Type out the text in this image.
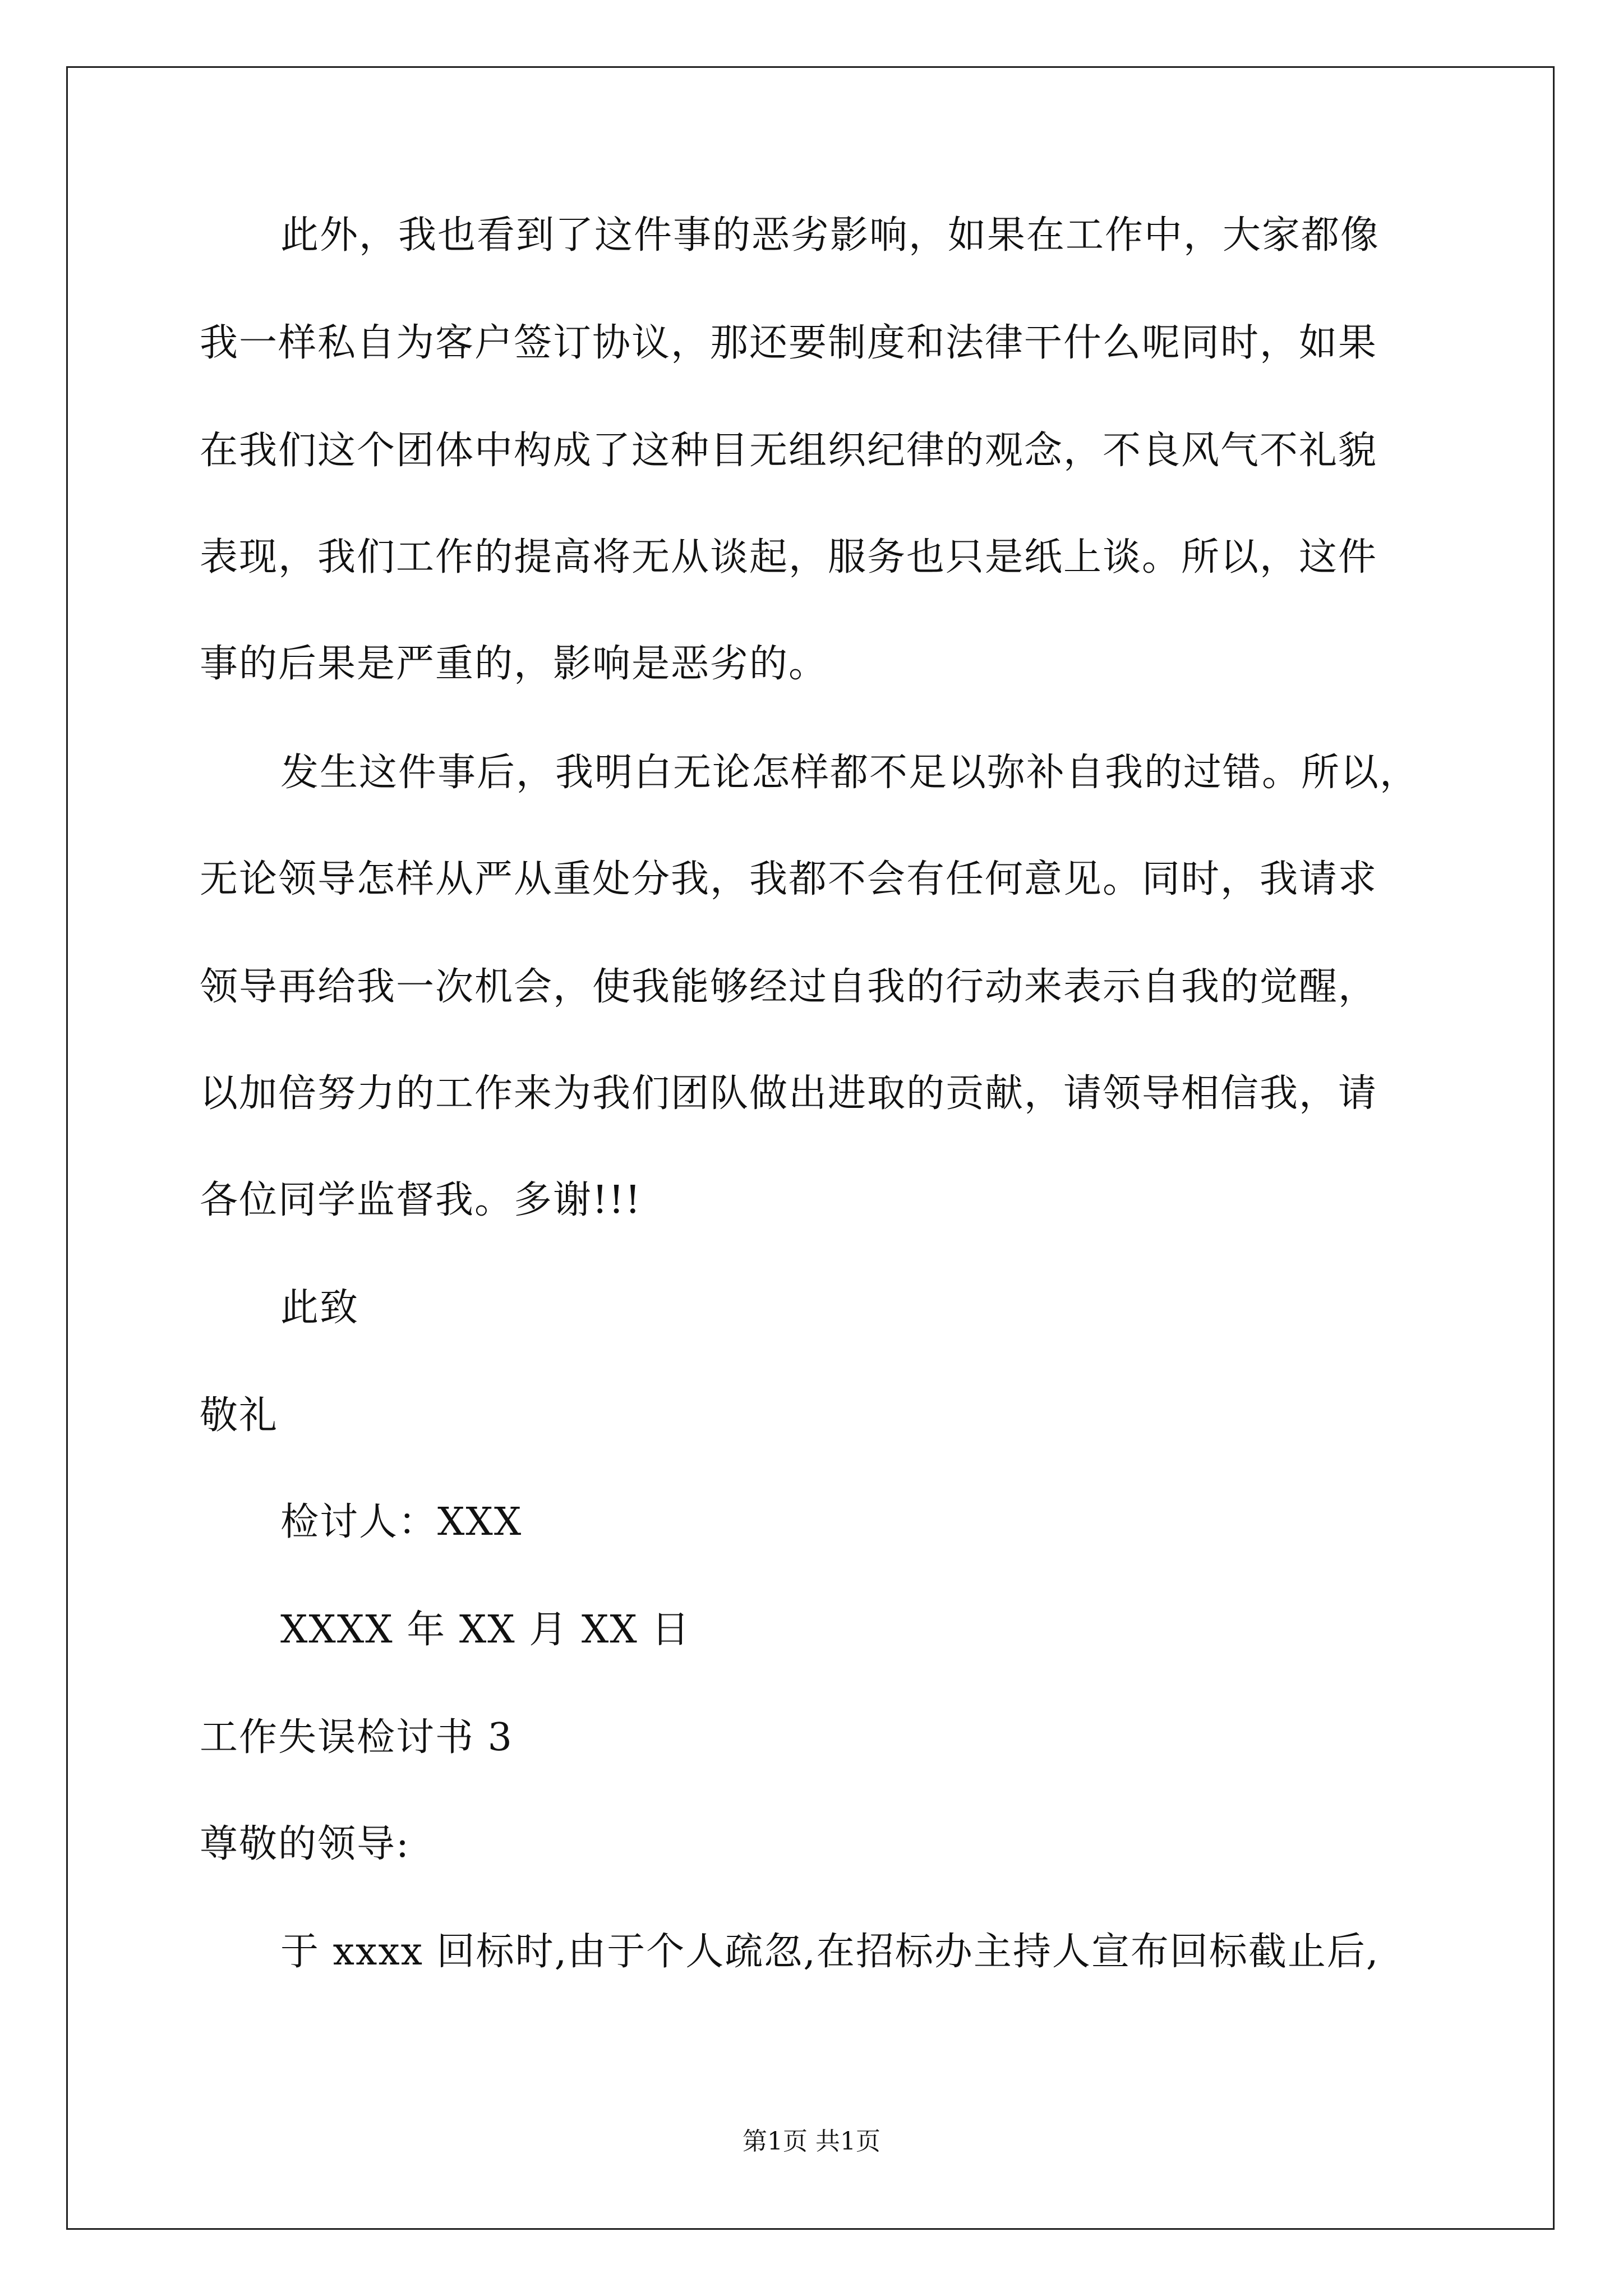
此外，我也看到了这件事的恶劣影响，如果在工作中，大家都像
我一样私自为客户签订协议，那还要制度和法律干什么呢同时，如果
在我们这个团体中构成了这种目无组织纪律的观念，不良风气不礼貌
表现，我们工作的提高将无从谈起，服务也只是纸上谈。所以，这件
事的后果是严重的，影响是恶劣的。
发生这件事后，我明白无论怎样都不足以弥补自我的过错。所以，
无论领导怎样从严从重处分我，我都不会有任何意见。同时，我请求
领导再给我一次机会，使我能够经过自我的行动来表示自我的觉醒，
以加倍努力的工作来为我们团队做出进取的贡献，请领导相信我，请
各位同学监督我。多谢!!!
此致
敬礼
检讨人：XXX
XXXX 年 XX 月 XX 日
工作失误检讨书 3
尊敬的领导:
于 xxxx 回标时,由于个人疏忽,在招标办主持人宣布回标截止后,
第1页 共1页
